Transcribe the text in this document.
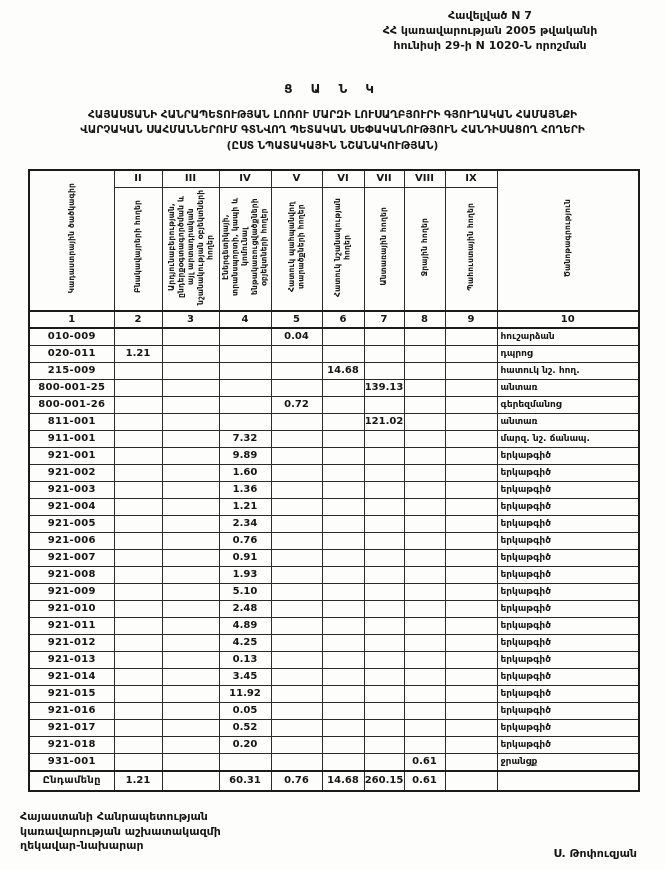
Հավելված N 7
ՀՀ կառավարության 2005 թվականի
հունիսի 29-ի N 1020-Ն որոշման
Ց Ա Ն Կ
ՀԱՅԱՍՏԱՆԻ ՀԱՆՐԱՊԵՏՈՒԹՅԱՆ ԼՈՌՈՒ ՄԱՐԶԻ ԼՈՒՍԱՂԲՅՈՒՐԻ ԳՅՈՒՂԱԿԱՆ ՀԱՄԱՅՆՔԻ
ՎԱՐՉԱԿԱՆ ՍԱՀՄԱՆՆԵՐՈՒՄ ԳՏՆՎՈՂ ՊԵՏԱԿԱՆ ՍԵՓԱԿԱՆՈՒԹՅՈՒՆ ՀԱՆԴԻՍԱՑՈՂ ՀՈՂԵՐԻ
(ԸՍՏ ՆՊԱՏԱԿԱՅԻՆ ՆՇԱՆԱԿՈՒԹՅԱՆ)
Կադաստրային ծածկագիր	II	III	IV	V	VI	VII	VIII	IX	Ծանոթագրություն
	Բնակավայրերի հողեր	Արդյունաբերության, ընդերքօգտագործման և այլ արտադրական նշանակության օբյեկտների հողեր	Էներգետիկայի, տրանսպորտի, կապի և կոմունալ ենթակառուցվածքների օբյեկտների հողեր	Հատուկ պահպանվող տարածքների հողեր	Հատուկ նշանակության հողեր	Անտառային հողեր	Ջրային հողեր	Պահուստային հողեր	
1	2	3	4	5	6	7	8	9	10
010-009				0.04					հուշարձան
020-011	1.21								դպրոց
215-009					14.68				հատուկ նշ. հող.
800-001-25						139.13			անտառ
800-001-26				0.72					գերեզմանոց
811-001						121.02			անտառ
911-001			7.32						մարզ. նշ. ճանապ.
921-001			9.89						երկաթգիծ
921-002			1.60						երկաթգիծ
921-003			1.36						երկաթգիծ
921-004			1.21						երկաթգիծ
921-005			2.34						երկաթգիծ
921-006			0.76						երկաթգիծ
921-007			0.91						երկաթգիծ
921-008			1.93						երկաթգիծ
921-009			5.10						երկաթգիծ
921-010			2.48						երկաթգիծ
921-011			4.89						երկաթգիծ
921-012			4.25						երկաթգիծ
921-013			0.13						երկաթգիծ
921-014			3.45						երկաթգիծ
921-015			11.92						երկաթգիծ
921-016			0.05						երկաթգիծ
921-017			0.52						երկաթգիծ
921-018			0.20						երկաթգիծ
931-001							0.61		ջրանցք
Ընդամենը	1.21		60.31	0.76	14.68	260.15	0.61		
Հայաստանի Հանրապետության
կառավարության աշխատակազմի
ղեկավար-նախարար
Ս. Թոփուզյան
